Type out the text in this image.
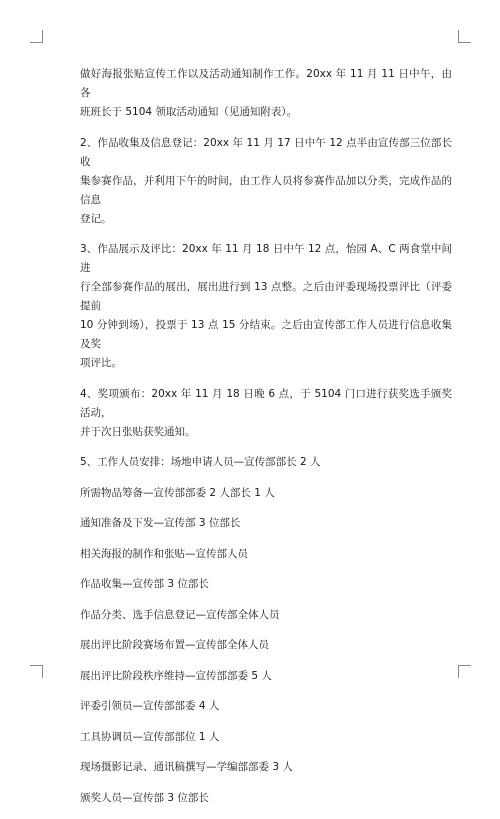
做好海报张贴宣传工作以及活动通知制作工作。20xx 年 11 月 11 日中午，由各
班班长于 5104 领取活动通知（见通知附表）。
2、作品收集及信息登记：20xx 年 11 月 17 日中午 12 点半由宣传部三位部长收
集参赛作品，并利用下午的时间，由工作人员将参赛作品加以分类，完成作品的信息
登记。
3、作品展示及评比：20xx 年 11 月 18 日中午 12 点，怡园 A、C 两食堂中间进
行全部参赛作品的展出，展出进行到 13 点整。之后由评委现场投票评比（评委提前
10 分钟到场），投票于 13 点 15 分结束。之后由宣传部工作人员进行信息收集及奖
项评比。
4、奖项颁布：20xx 年 11 月 18 日晚 6 点，于 5104 门口进行获奖选手颁奖活动，
并于次日张贴获奖通知。
5、工作人员安排：场地申请人员—宣传部部长 2 人
所需物品筹备—宣传部部委 2 人部长 1 人
通知准备及下发—宣传部 3 位部长
相关海报的制作和张贴—宣传部人员
作品收集—宣传部 3 位部长
作品分类、选手信息登记—宣传部全体人员
展出评比阶段赛场布置—宣传部全体人员
展出评比阶段秩序维持—宣传部部委 5 人
评委引领员—宣传部部委 4 人
工具协调员—宣传部部位 1 人
现场摄影记录、通讯稿撰写—学编部部委 3 人
颁奖人员—宣传部 3 位部长
